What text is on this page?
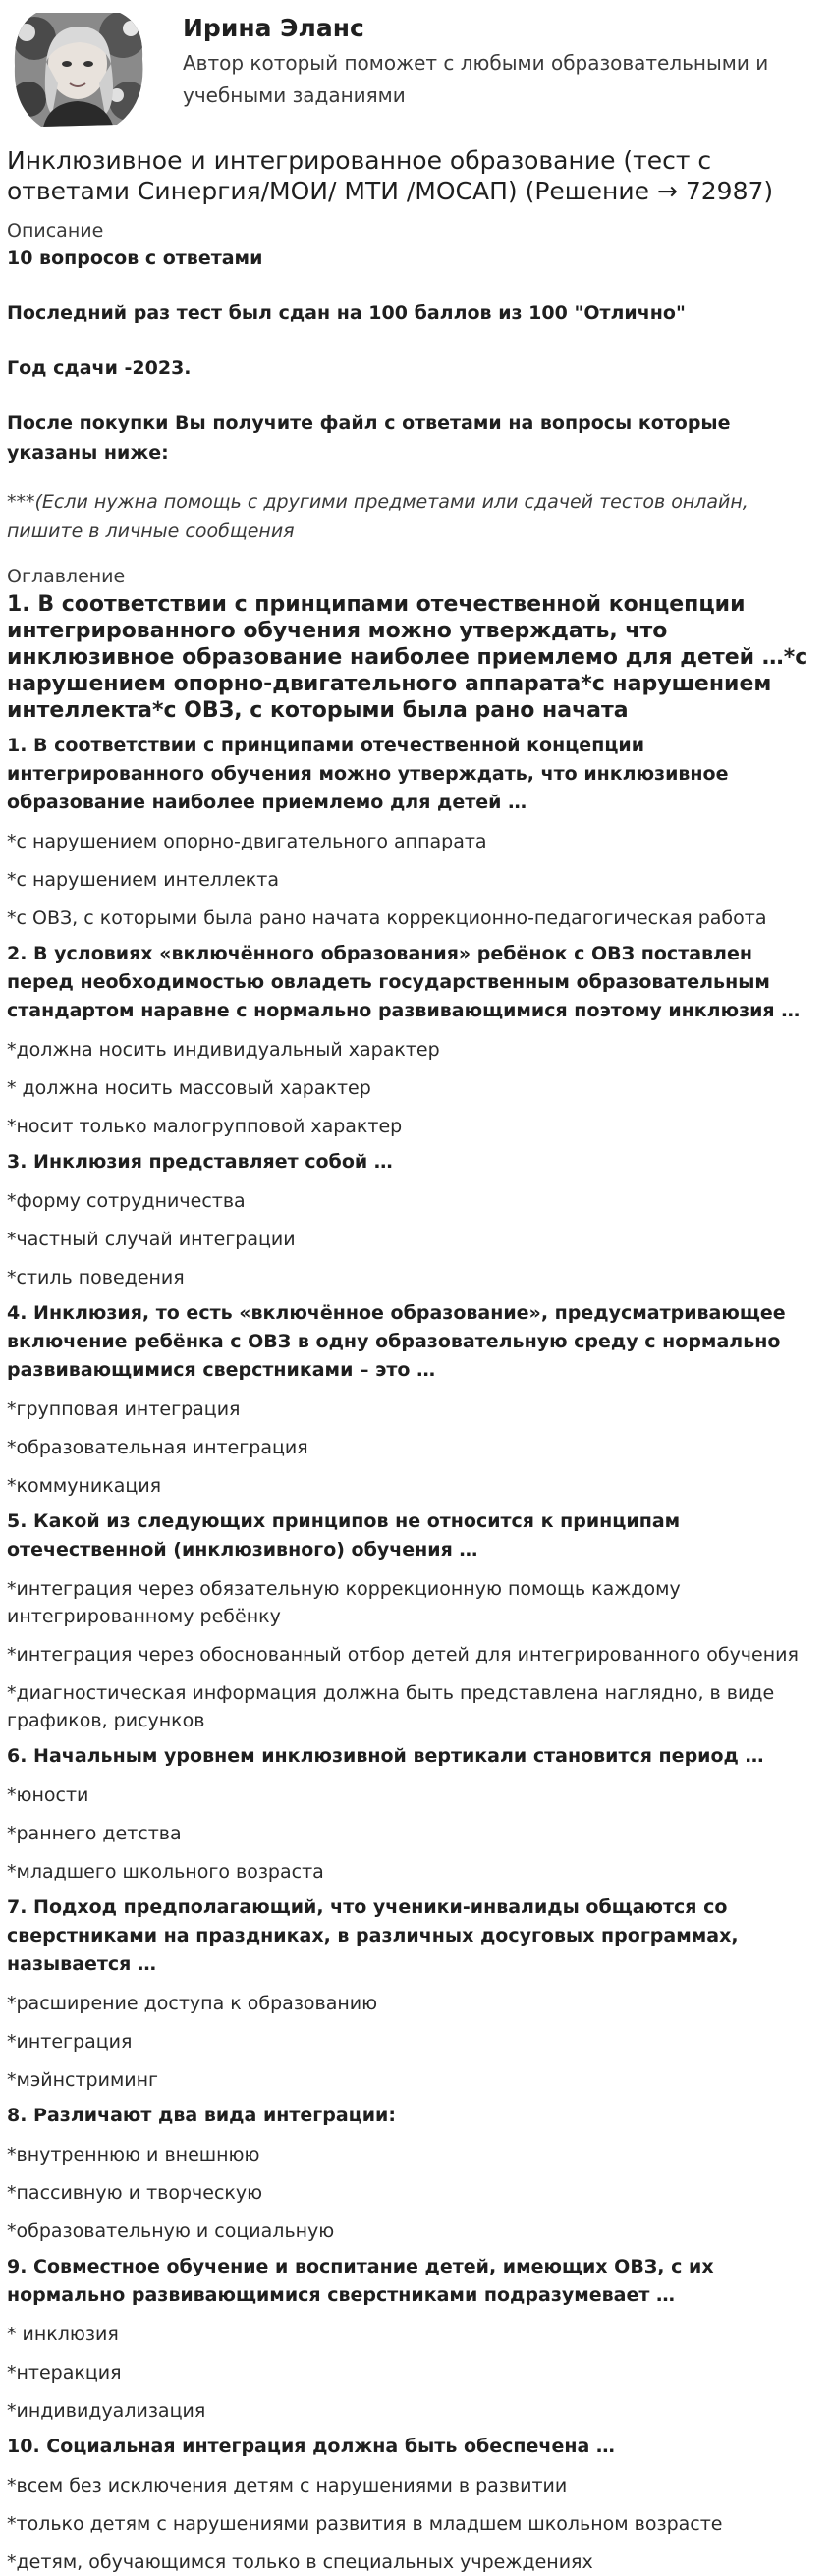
Ирина Эланс
Автор который поможет с любыми образовательными и учебными заданиями
Инклюзивное и интегрированное образование (тест с ответами Синергия/МОИ/ МТИ /МОСАП) (Решение → 72987)
Описание

10 вопросов с ответами

Последний раз тест был сдан на 100 баллов из 100 "Отлично"

Год сдачи -2023.

После покупки Вы получите файл с ответами на вопросы которые указаны ниже:

***(Если нужна помощь с другими предметами или сдачей тестов онлайн, пишите в личные сообщения

Оглавление
1. В соответствии с принципами отечественной концепции интегрированного обучения можно утверждать, что инклюзивное образование наиболее приемлемо для детей …*с нарушением опорно-двигательного аппарата*с нарушением интеллекта*с ОВЗ, с которыми была рано начата
1. В соответствии с принципами отечественной концепции интегрированного обучения можно утверждать, что инклюзивное образование наиболее приемлемо для детей …
*с нарушением опорно-двигательного аппарата
*с нарушением интеллекта
*с ОВЗ, с которыми была рано начата коррекционно-педагогическая работа
2. В условиях «включённого образования» ребёнок с ОВЗ поставлен перед необходимостью овладеть государственным образовательным стандартом наравне с нормально развивающимися поэтому инклюзия …
*должна носить индивидуальный характер
* должна носить массовый характер
*носит только малогрупповой характер
3. Инклюзия представляет собой …
*форму сотрудничества
*частный случай интеграции
*стиль поведения
4. Инклюзия, то есть «включённое образование», предусматривающее включение ребёнка с ОВЗ в одну образовательную среду с нормально развивающимися сверстниками – это …
*групповая интеграция
*образовательная интеграция
*коммуникация
5. Какой из следующих принципов не относится к принципам отечественной (инклюзивного) обучения …
*интеграция через обязательную коррекционную помощь каждому интегрированному ребёнку
*интеграция через обоснованный отбор детей для интегрированного обучения
*диагностическая информация должна быть представлена наглядно, в виде графиков, рисунков
6. Начальным уровнем инклюзивной вертикали становится период …
*юности
*раннего детства
*младшего школьного возраста
7. Подход предполагающий, что ученики-инвалиды общаются со сверстниками на праздниках, в различных досуговых программах, называется …
*расширение доступа к образованию
*интеграция
*мэйнстриминг
8. Различают два вида интеграции:
*внутреннюю и внешнюю
*пассивную и творческую
*образовательную и социальную
9. Совместное обучение и воспитание детей, имеющих ОВЗ, с их нормально развивающимися сверстниками подразумевает …
* инклюзия
*нтеракция
*индивидуализация
10. Социальная интеграция должна быть обеспечена …
*всем без исключения детям с нарушениями в развитии
*только детям с нарушениями развития в младшем школьном возрасте
*детям, обучающимся только в специальных учреждениях
